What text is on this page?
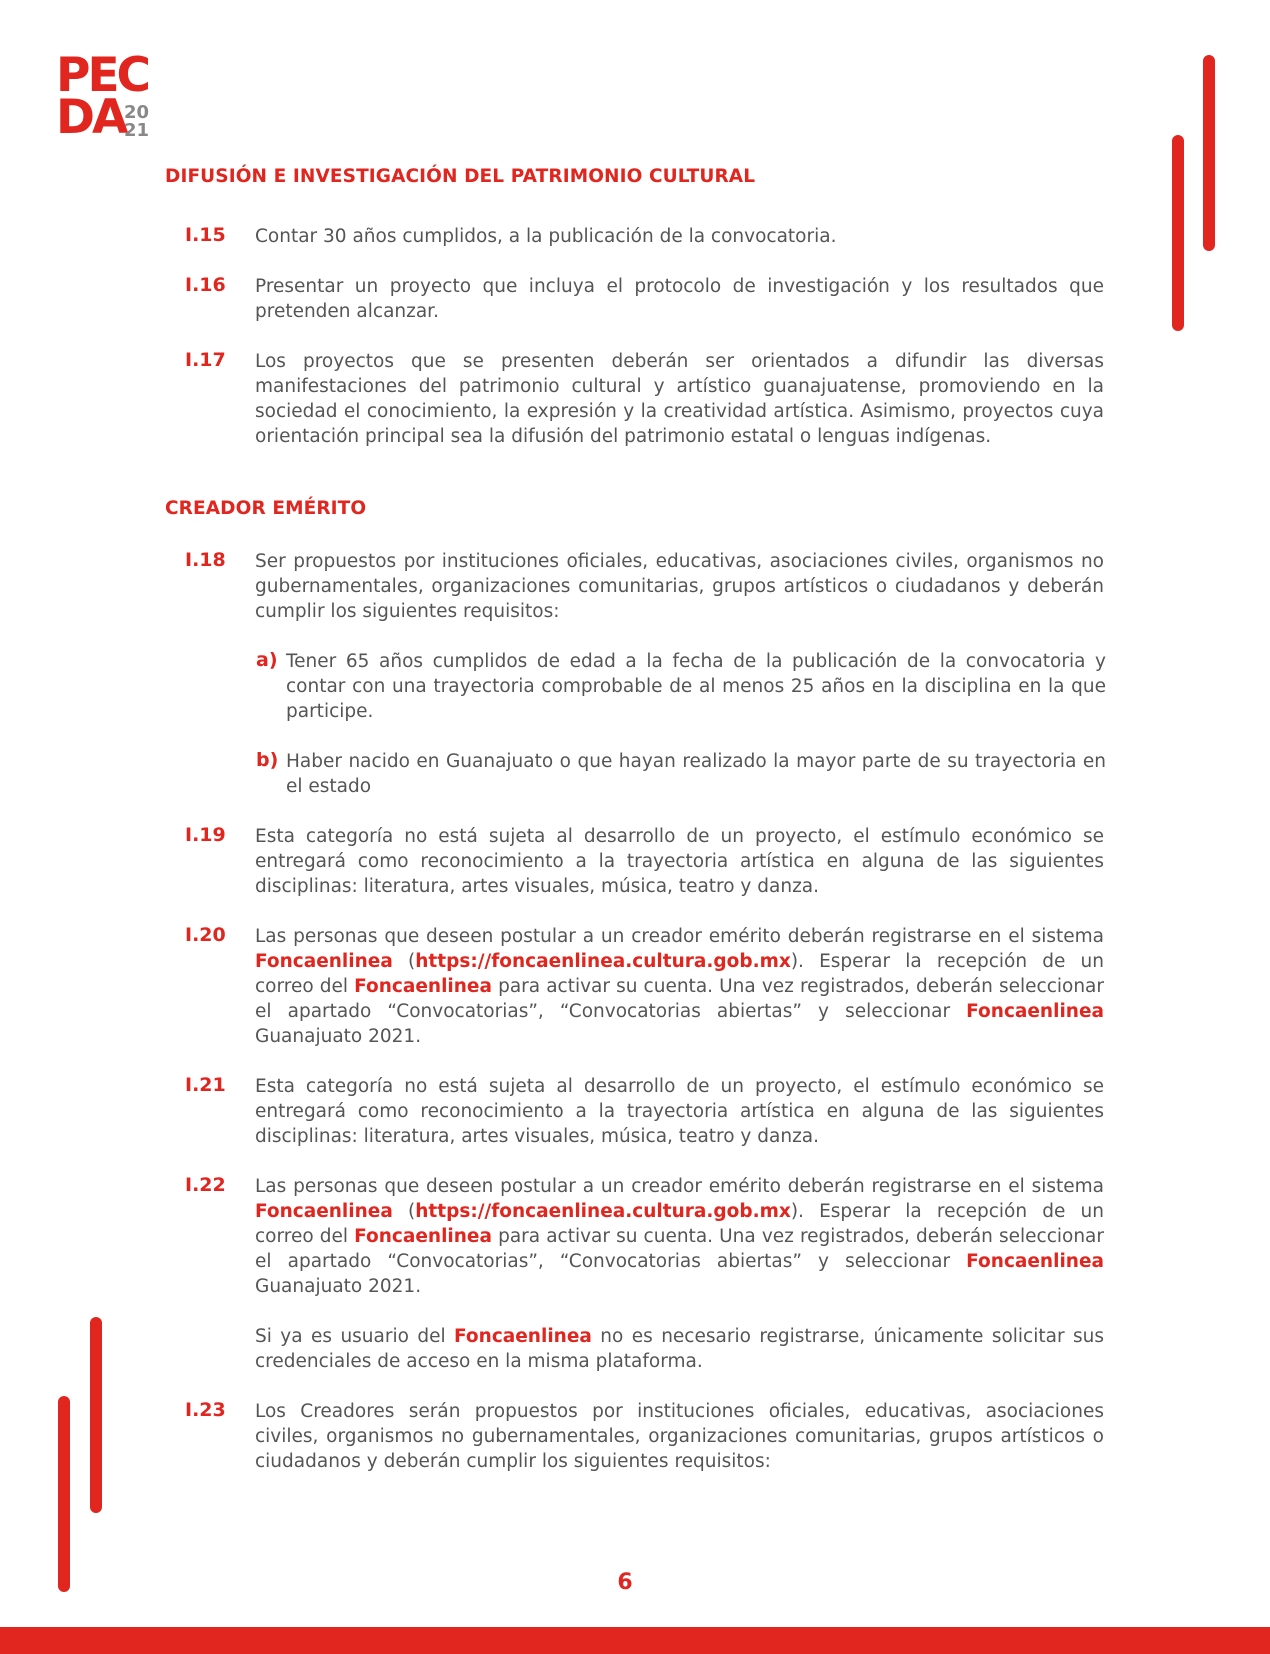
PEC
DA
20
21
DIFUSIÓN E INVESTIGACIÓN DEL PATRIMONIO CULTURAL
I.15 Contar 30 años cumplidos, a la publicación de la convocatoria.
I.16 Presentar un proyecto que incluya el protocolo de investigación y los resultados que pretenden alcanzar.
I.17 Los proyectos que se presenten deberán ser orientados a difundir las diversas manifestaciones del patrimonio cultural y artístico guanajuatense, promoviendo en la sociedad el conocimiento, la expresión y la creatividad artística. Asimismo, proyectos cuya orientación principal sea la difusión del patrimonio estatal o lenguas indígenas.
CREADOR EMÉRITO
I.18 Ser propuestos por instituciones oficiales, educativas, asociaciones civiles, organismos no gubernamentales, organizaciones comunitarias, grupos artísticos o ciudadanos y deberán cumplir los siguientes requisitos:
a) Tener 65 años cumplidos de edad a la fecha de la publicación de la convocatoria y contar con una trayectoria comprobable de al menos 25 años en la disciplina en la que participe.
b) Haber nacido en Guanajuato o que hayan realizado la mayor parte de su trayectoria en el estado
I.19 Esta categoría no está sujeta al desarrollo de un proyecto, el estímulo económico se entregará como reconocimiento a la trayectoria artística en alguna de las siguientes disciplinas: literatura, artes visuales, música, teatro y danza.
I.20 Las personas que deseen postular a un creador emérito deberán registrarse en el sistema Foncaenlinea (https://foncaenlinea.cultura.gob.mx). Esperar la recepción de un correo del Foncaenlinea para activar su cuenta. Una vez registrados, deberán seleccionar el apartado “Convocatorias”, “Convocatorias abiertas” y seleccionar Foncaenlinea Guanajuato 2021.
I.21 Esta categoría no está sujeta al desarrollo de un proyecto, el estímulo económico se entregará como reconocimiento a la trayectoria artística en alguna de las siguientes disciplinas: literatura, artes visuales, música, teatro y danza.
I.22 Las personas que deseen postular a un creador emérito deberán registrarse en el sistema Foncaenlinea (https://foncaenlinea.cultura.gob.mx). Esperar la recepción de un correo del Foncaenlinea para activar su cuenta. Una vez registrados, deberán seleccionar el apartado “Convocatorias”, “Convocatorias abiertas” y seleccionar Foncaenlinea Guanajuato 2021.
Si ya es usuario del Foncaenlinea no es necesario registrarse, únicamente solicitar sus credenciales de acceso en la misma plataforma.
I.23 Los Creadores serán propuestos por instituciones oficiales, educativas, asociaciones civiles, organismos no gubernamentales, organizaciones comunitarias, grupos artísticos o ciudadanos y deberán cumplir los siguientes requisitos:
6
